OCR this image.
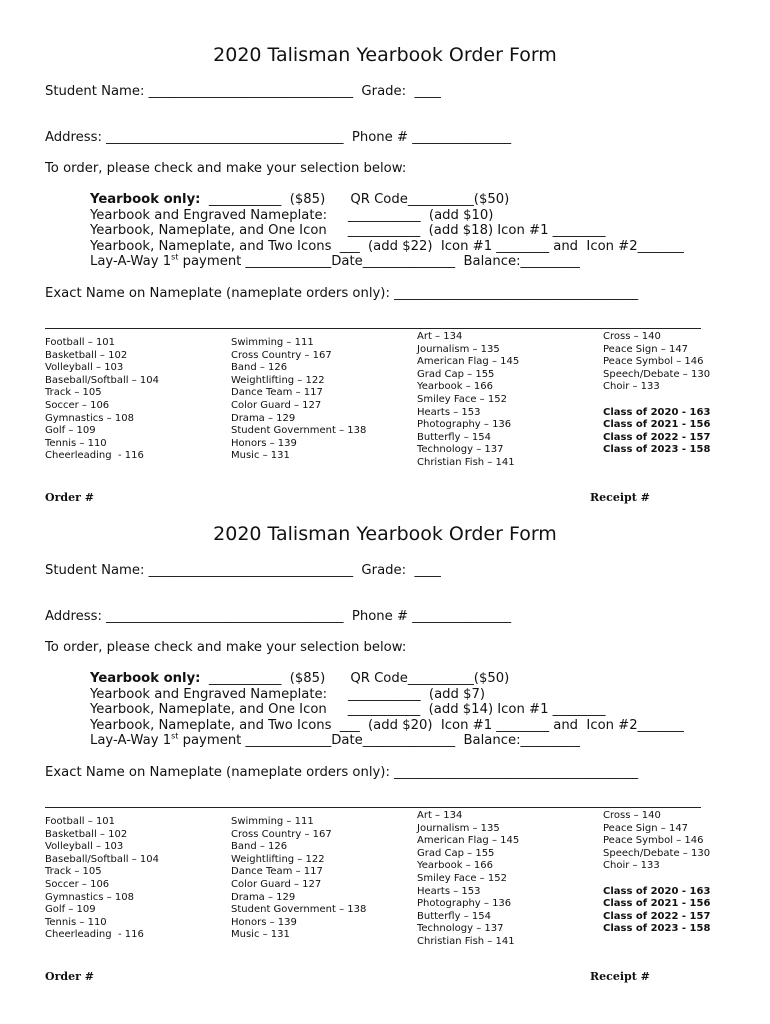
2020 Talisman Yearbook Order Form
Student Name: _______________________________  Grade:  ____
Address: ____________________________________  Phone # _______________
To order, please check and make your selection below:
Yearbook only:  ___________  ($85)      QR Code__________($50)
Yearbook and Engraved Nameplate:     ___________  (add $10)
Yearbook, Nameplate, and One Icon     ___________  (add $18) Icon #1 ________
Yearbook, Nameplate, and Two Icons  ___  (add $22)  Icon #1 ________ and  Icon #2_______
Lay-A-Way 1st payment _____________Date______________  Balance:_________
Exact Name on Nameplate (nameplate orders only): _____________________________________
Football – 101
Basketball – 102
Volleyball – 103
Baseball/Softball – 104
Track – 105
Soccer – 106
Gymnastics – 108
Golf – 109
Tennis – 110
Cheerleading  - 116
Swimming – 111
Cross Country – 167
Band – 126
Weightlifting – 122
Dance Team – 117
Color Guard – 127
Drama – 129
Student Government – 138
Honors – 139
Music – 131
Art – 134
Journalism – 135
American Flag – 145
Grad Cap – 155
Yearbook – 166
Smiley Face – 152
Hearts – 153
Photography – 136
Butterfly – 154
Technology – 137
Christian Fish – 141
Cross – 140
Peace Sign – 147
Peace Symbol – 146
Speech/Debate – 130
Choir – 133
Class of 2020 - 163
Class of 2021 - 156
Class of 2022 - 157
Class of 2023 - 158
Order #	Receipt #
2020 Talisman Yearbook Order Form
Student Name: _______________________________  Grade:  ____
Address: ____________________________________  Phone # _______________
To order, please check and make your selection below:
Yearbook only:  ___________  ($85)      QR Code__________($50)
Yearbook and Engraved Nameplate:     ___________  (add $7)
Yearbook, Nameplate, and One Icon     ___________  (add $14) Icon #1 ________
Yearbook, Nameplate, and Two Icons  ___  (add $20)  Icon #1 ________ and  Icon #2_______
Lay-A-Way 1st payment _____________Date______________  Balance:_________
Exact Name on Nameplate (nameplate orders only): _____________________________________
Football – 101
Basketball – 102
Volleyball – 103
Baseball/Softball – 104
Track – 105
Soccer – 106
Gymnastics – 108
Golf – 109
Tennis – 110
Cheerleading  - 116
Swimming – 111
Cross Country – 167
Band – 126
Weightlifting – 122
Dance Team – 117
Color Guard – 127
Drama – 129
Student Government – 138
Honors – 139
Music – 131
Art – 134
Journalism – 135
American Flag – 145
Grad Cap – 155
Yearbook – 166
Smiley Face – 152
Hearts – 153
Photography – 136
Butterfly – 154
Technology – 137
Christian Fish – 141
Cross – 140
Peace Sign – 147
Peace Symbol – 146
Speech/Debate – 130
Choir – 133
Class of 2020 - 163
Class of 2021 - 156
Class of 2022 - 157
Class of 2023 - 158
Order #	Receipt #
